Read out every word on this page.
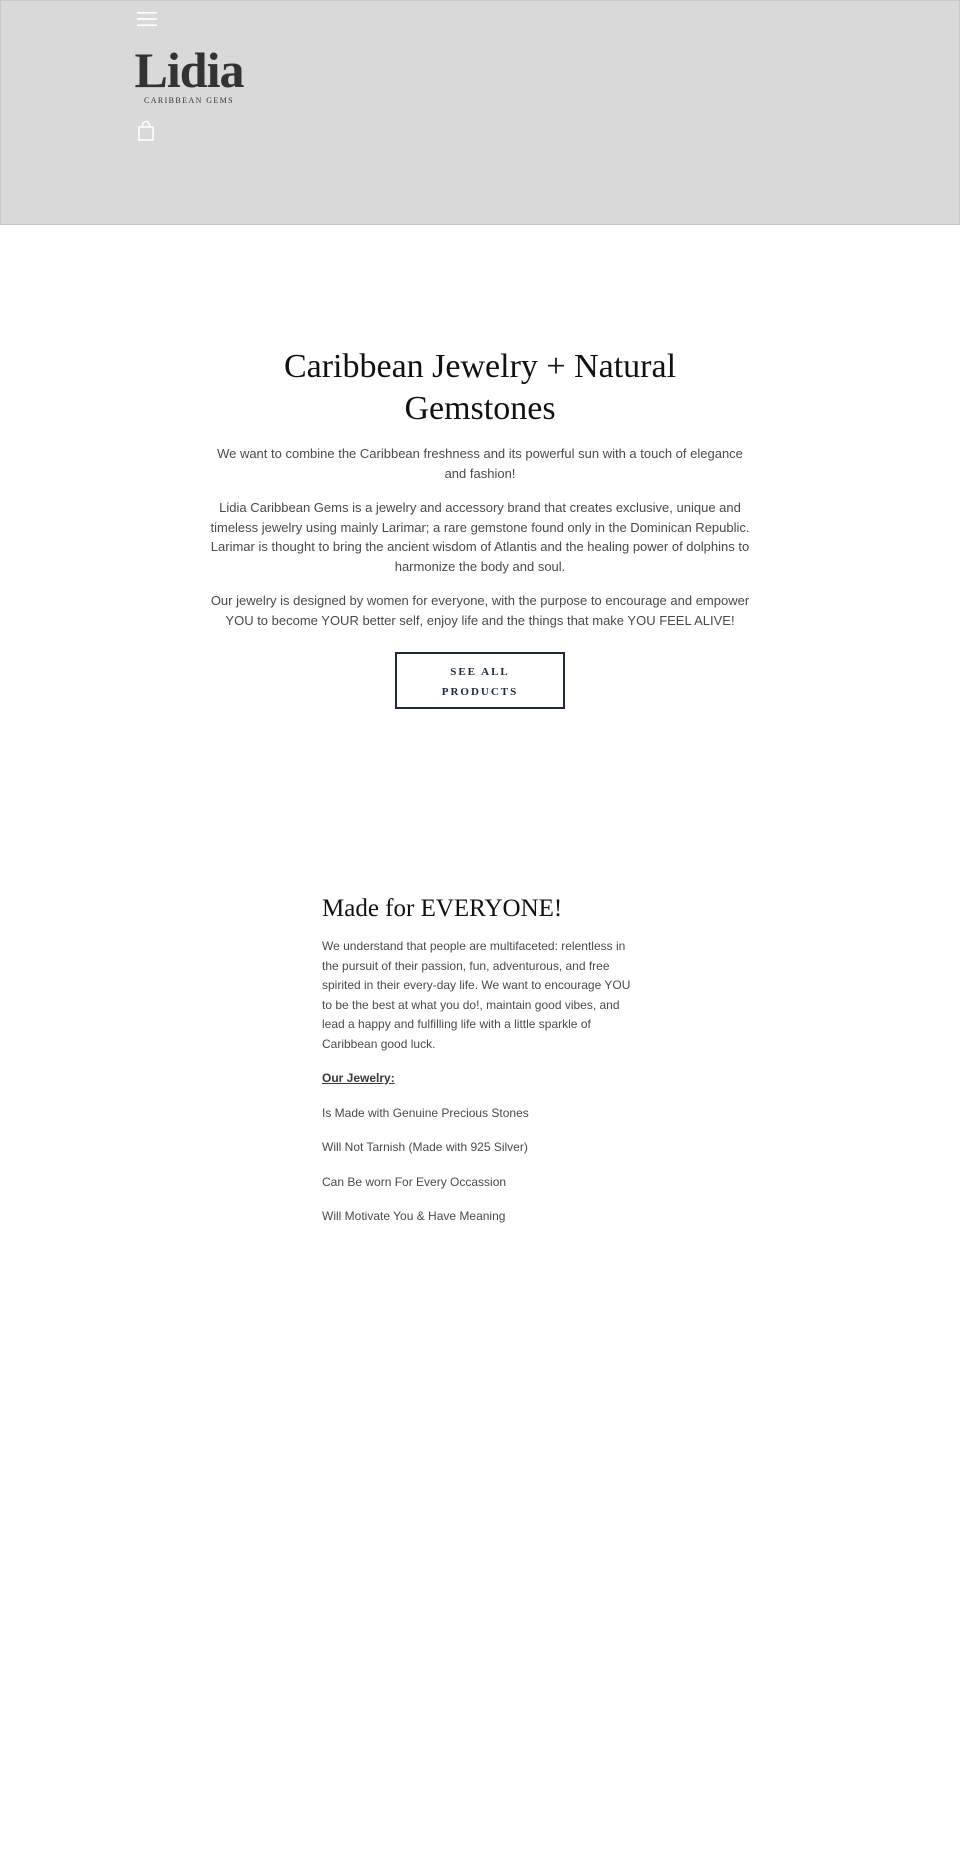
Lidia
CARIBBEAN GEMS
Caribbean Jewelry + Natural Gemstones

We want to combine the Caribbean freshness and its powerful sun with a touch of elegance and fashion!

Lidia Caribbean Gems is a jewelry and accessory brand that creates exclusive, unique and timeless jewelry using mainly Larimar; a rare gemstone found only in the Dominican Republic. Larimar is thought to bring the ancient wisdom of Atlantis and the healing power of dolphins to harmonize the body and soul.

Our jewelry is designed by women for everyone, with the purpose to encourage and empower YOU to become YOUR better self, enjoy life and the things that make YOU FEEL ALIVE!

SEE ALL PRODUCTS
Made for EVERYONE!

We understand that people are multifaceted: relentless in the pursuit of their passion, fun, adventurous, and free spirited in their every-day life. We want to encourage YOU to be the best at what you do!, maintain good vibes, and lead a happy and fulfilling life with a little sparkle of Caribbean good luck.

Our Jewelry:

Is Made with Genuine Precious Stones
Will Not Tarnish (Made with 925 Silver)
Can Be worn For Every Occassion
Will Motivate You & Have Meaning
